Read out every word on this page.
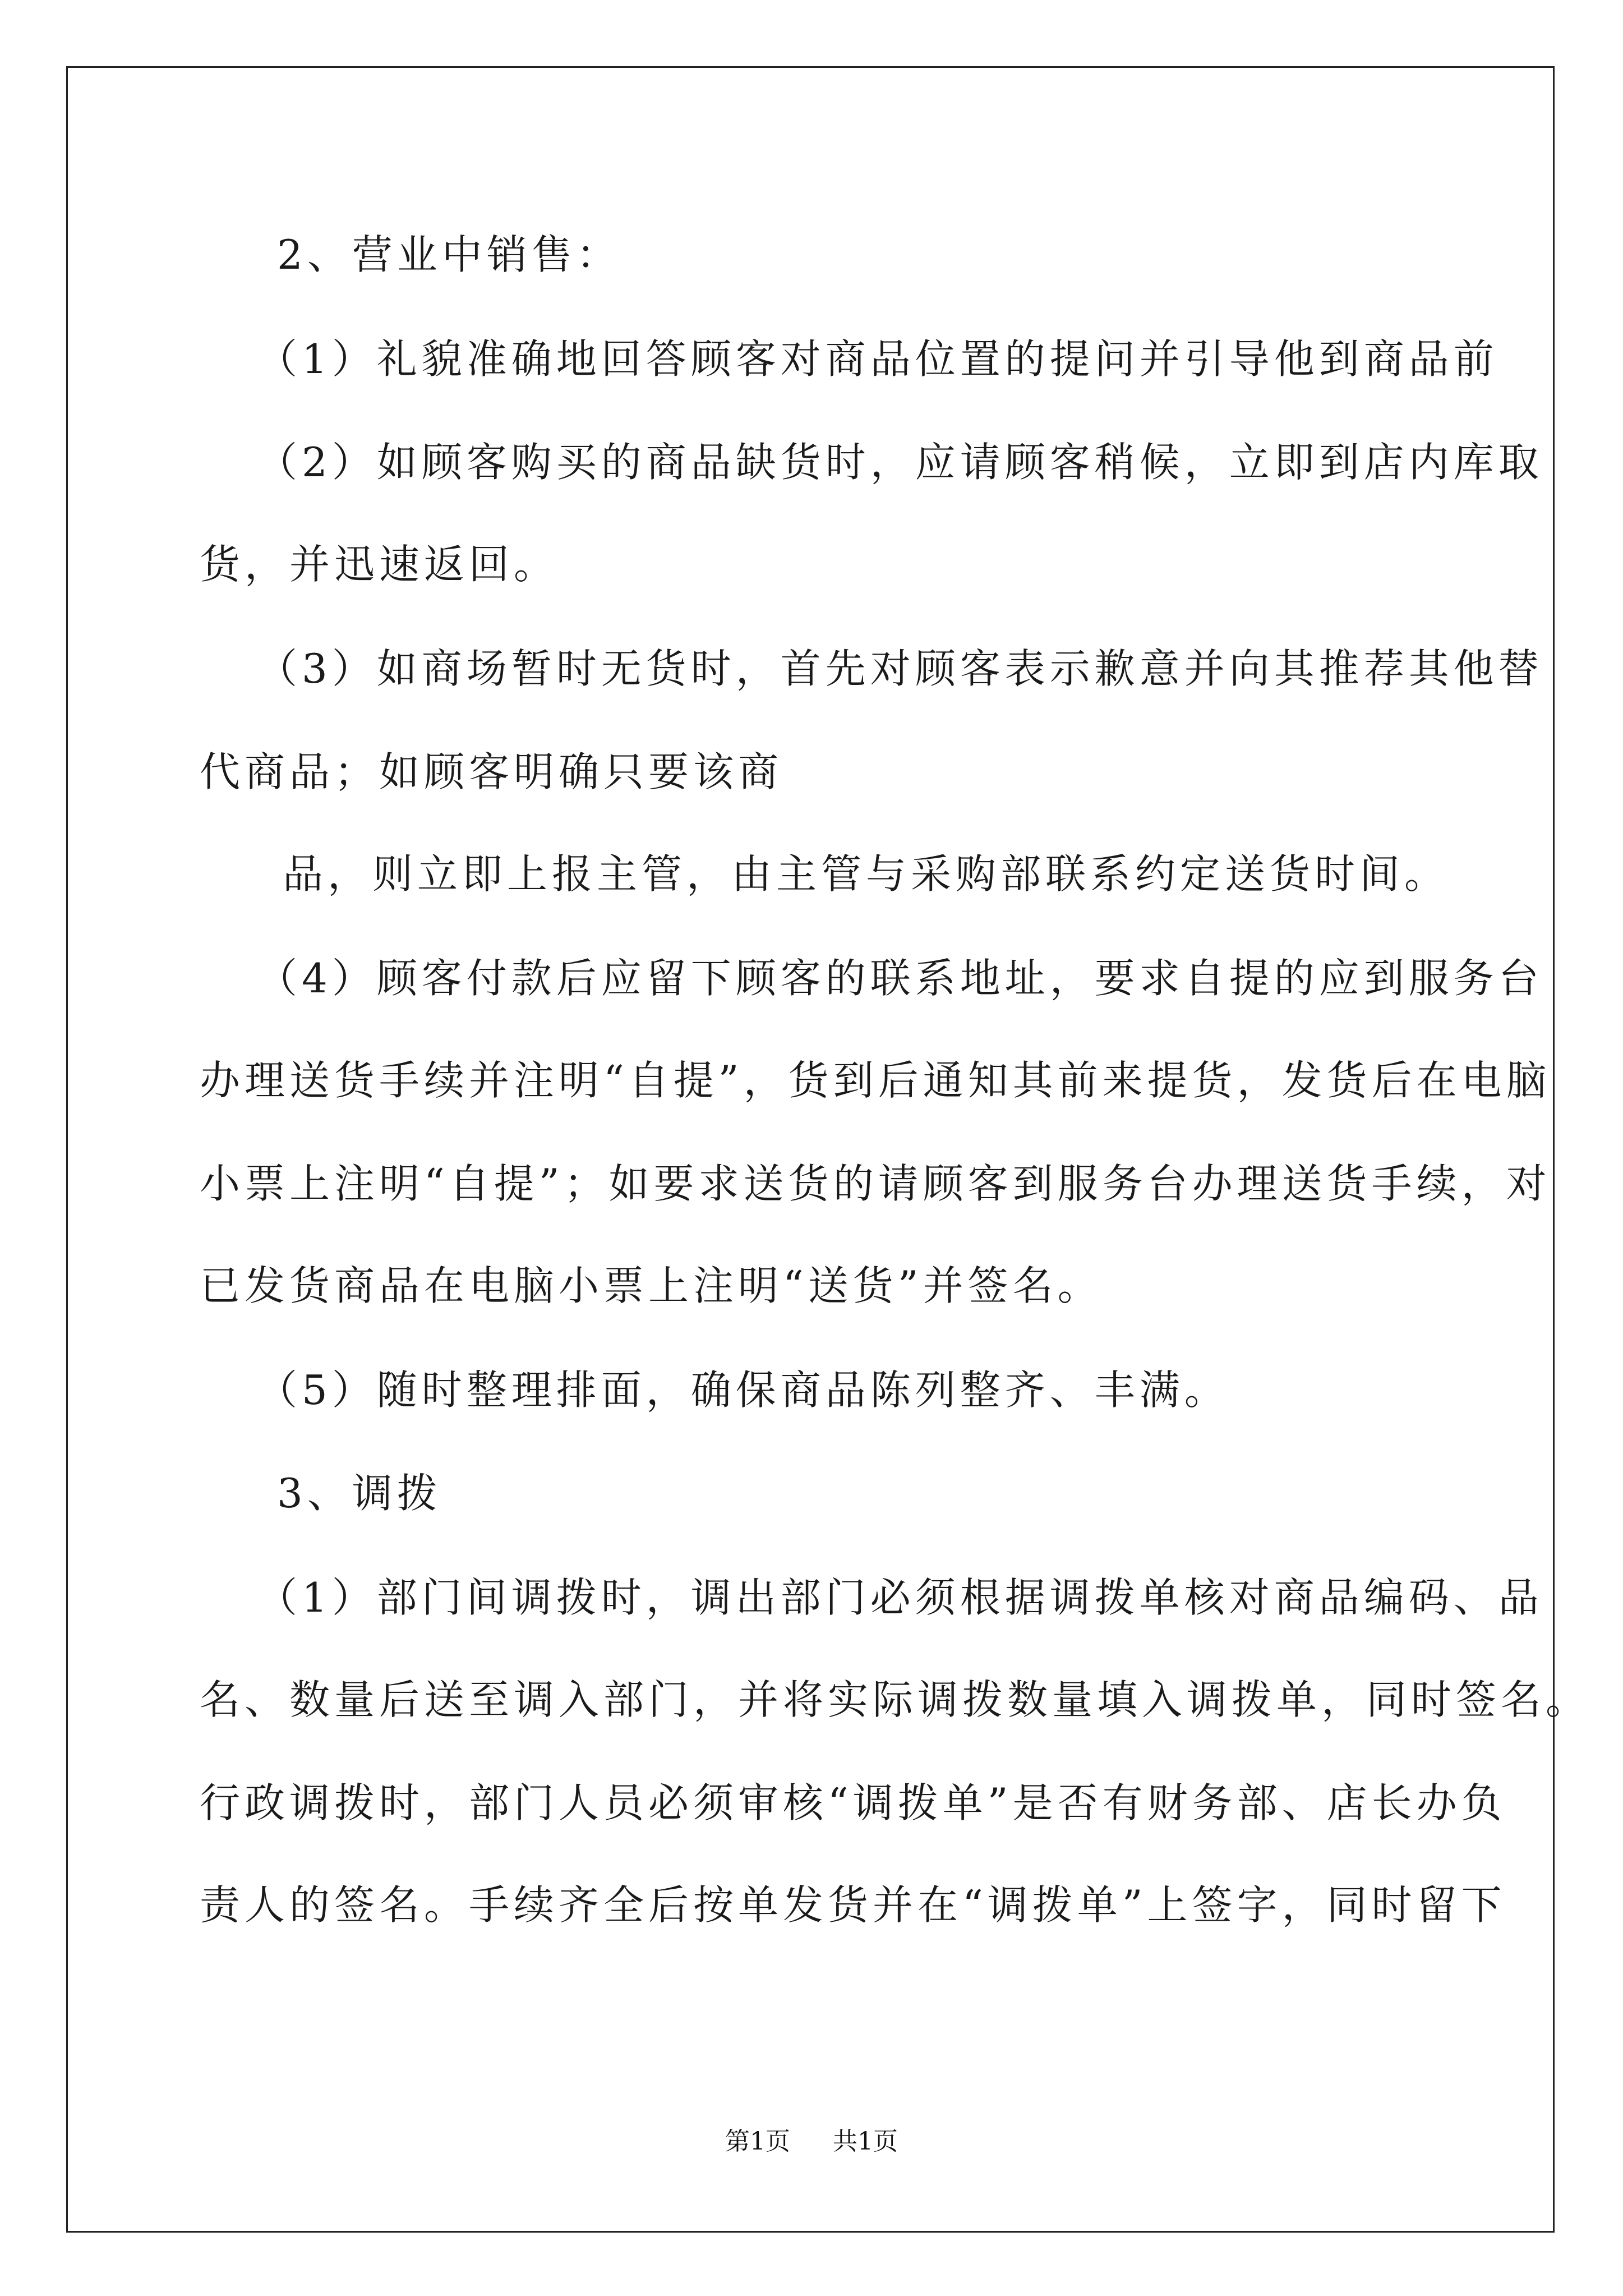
2、营业中销售：
（1）礼貌准确地回答顾客对商品位置的提问并引导他到商品前
（2）如顾客购买的商品缺货时，应请顾客稍候，立即到店内库取
货，并迅速返回。
（3）如商场暂时无货时，首先对顾客表示歉意并向其推荐其他替
代商品；如顾客明确只要该商
品，则立即上报主管，由主管与采购部联系约定送货时间。
（4）顾客付款后应留下顾客的联系地址，要求自提的应到服务台
办理送货手续并注明“自提”，货到后通知其前来提货，发货后在电脑
小票上注明“自提”；如要求送货的请顾客到服务台办理送货手续，对
已发货商品在电脑小票上注明“送货”并签名。
（5）随时整理排面，确保商品陈列整齐、丰满。
3、调拨
（1）部门间调拨时，调出部门必须根据调拨单核对商品编码、品
名、数量后送至调入部门，并将实际调拨数量填入调拨单，同时签名。
行政调拨时，部门人员必须审核“调拨单”是否有财务部、店长办负
责人的签名。手续齐全后按单发货并在“调拨单”上签字，同时留下
第1页 共1页
